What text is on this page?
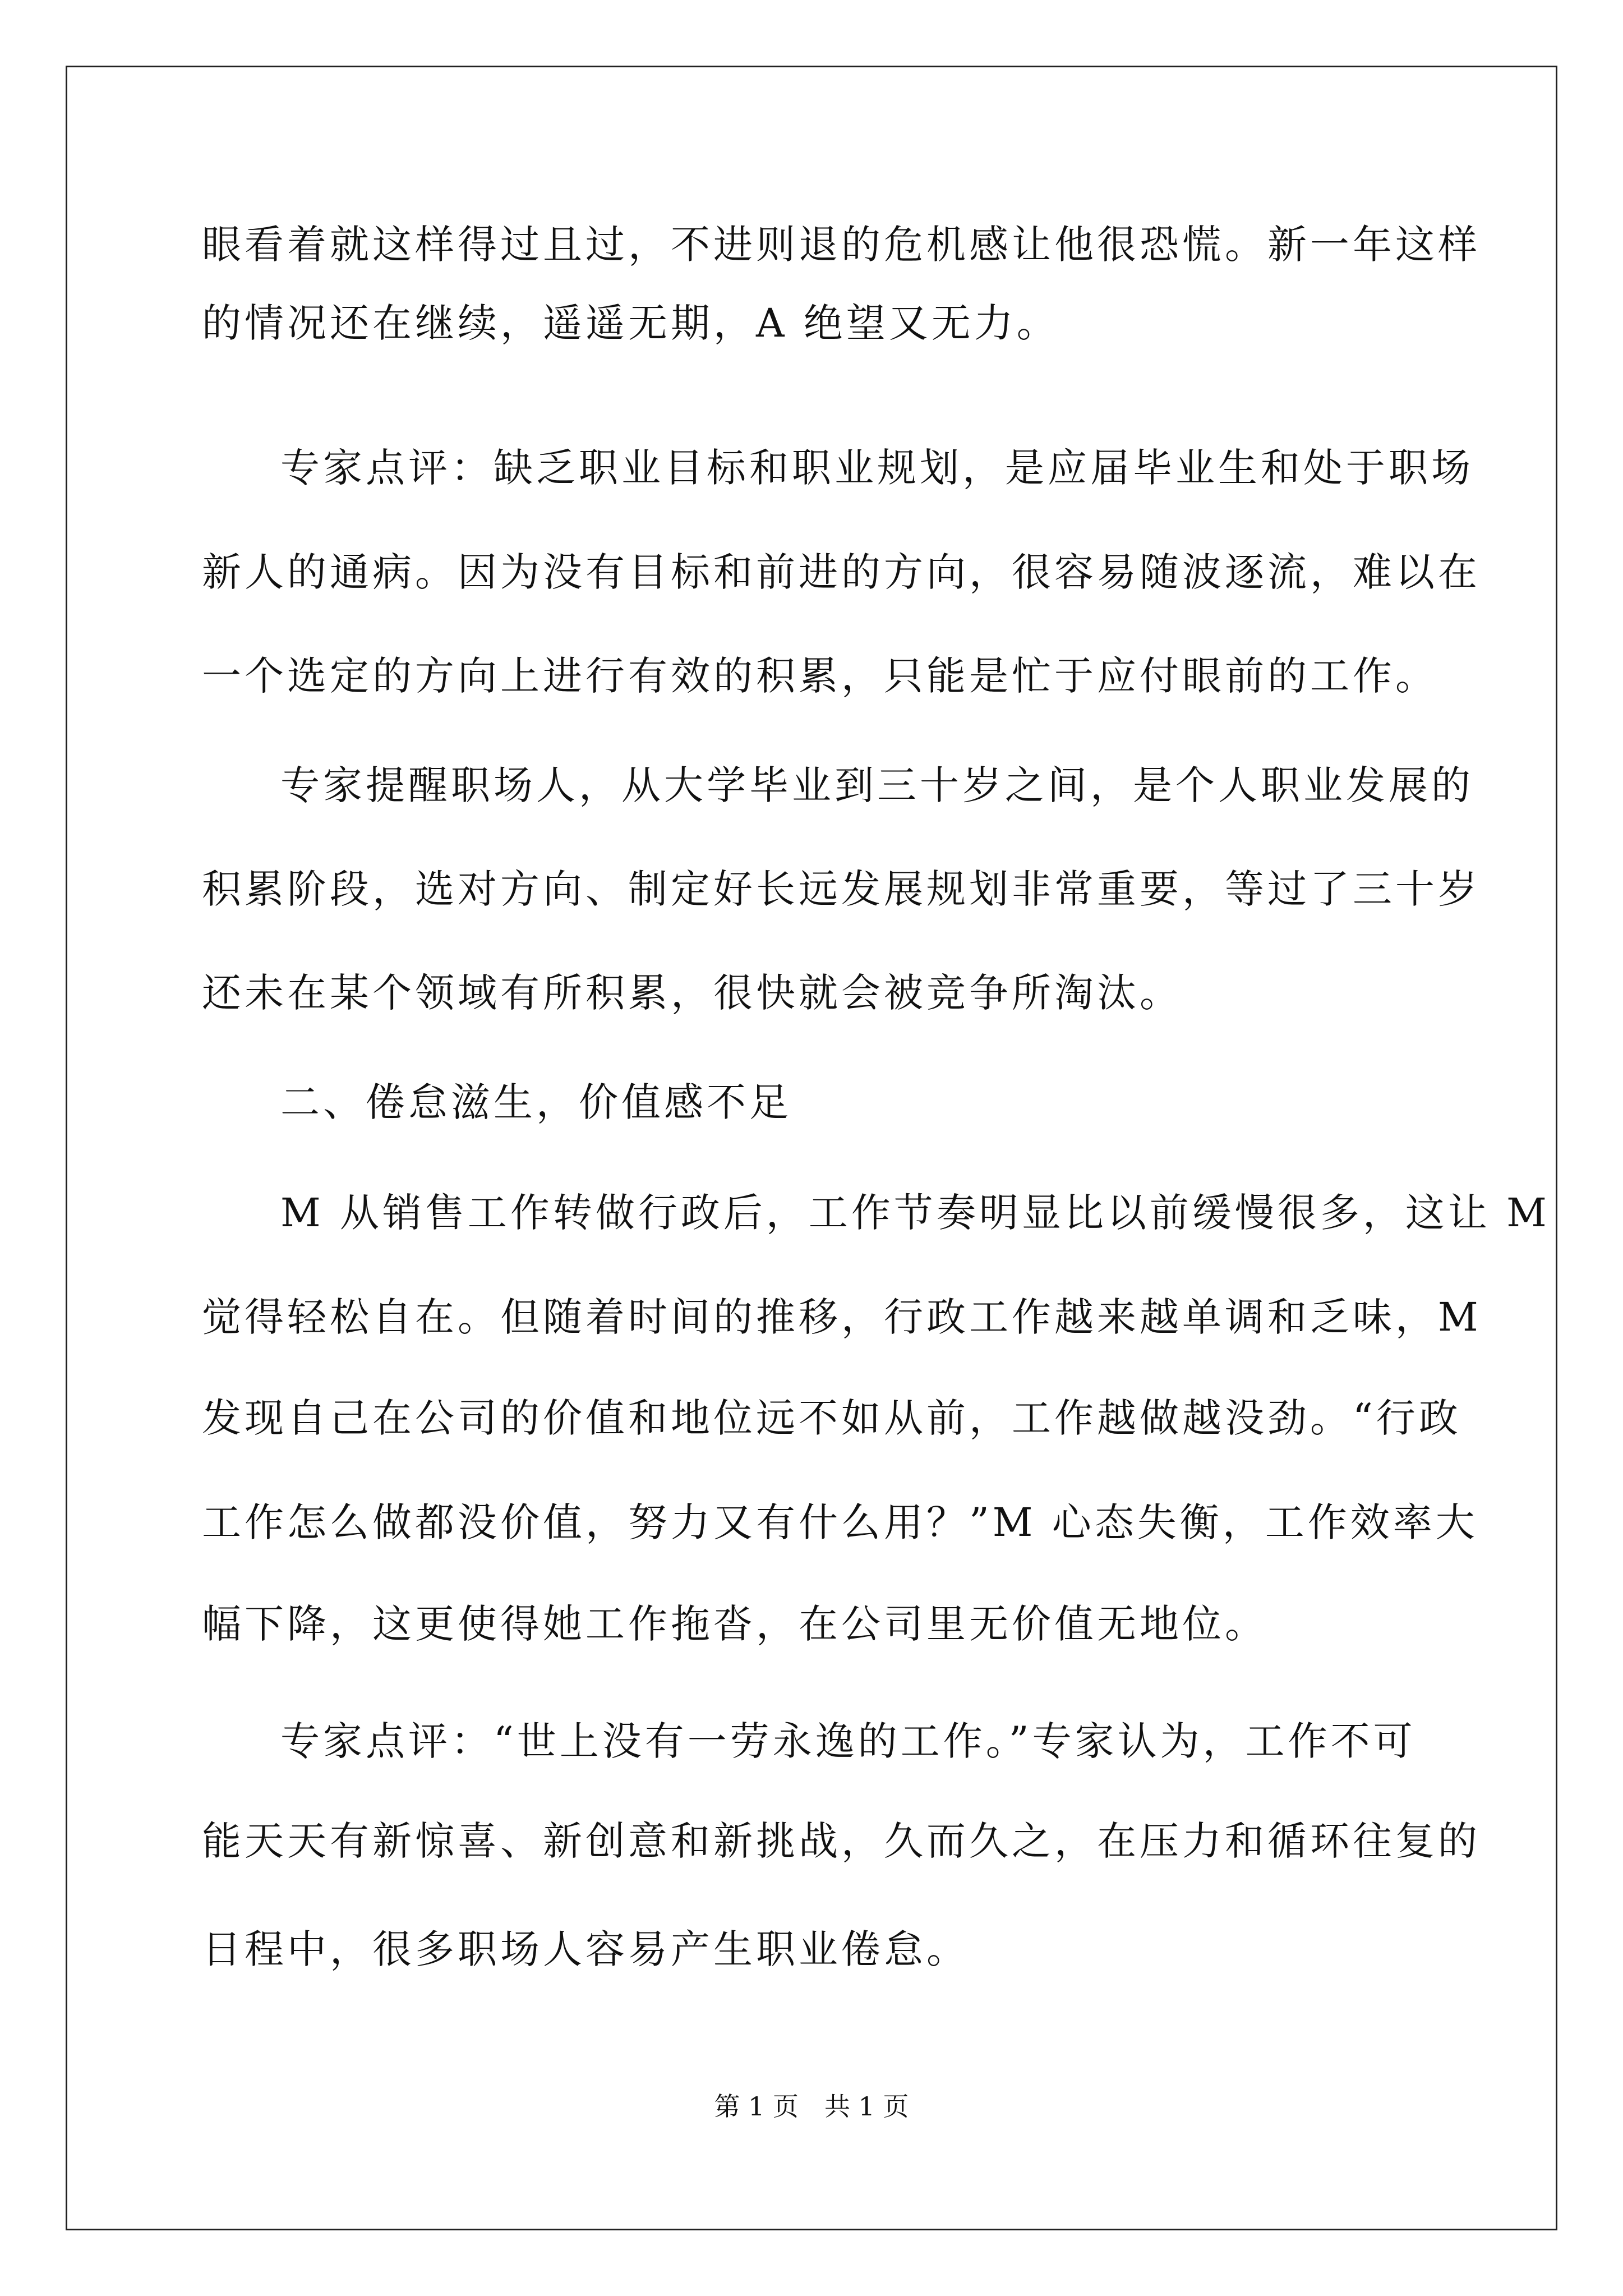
眼看着就这样得过且过，不进则退的危机感让他很恐慌。新一年这样
的情况还在继续，遥遥无期，A 绝望又无力。
专家点评：缺乏职业目标和职业规划，是应届毕业生和处于职场
新人的通病。因为没有目标和前进的方向，很容易随波逐流，难以在
一个选定的方向上进行有效的积累，只能是忙于应付眼前的工作。
专家提醒职场人，从大学毕业到三十岁之间，是个人职业发展的
积累阶段，选对方向、制定好长远发展规划非常重要，等过了三十岁
还未在某个领域有所积累，很快就会被竞争所淘汰。
二、倦怠滋生，价值感不足
M 从销售工作转做行政后，工作节奏明显比以前缓慢很多，这让 M
觉得轻松自在。但随着时间的推移，行政工作越来越单调和乏味，M
发现自己在公司的价值和地位远不如从前，工作越做越没劲。“行政
工作怎么做都没价值，努力又有什么用？”M 心态失衡，工作效率大
幅下降，这更使得她工作拖沓，在公司里无价值无地位。
专家点评：“世上没有一劳永逸的工作。”专家认为，工作不可
能天天有新惊喜、新创意和新挑战，久而久之，在压力和循环往复的
日程中，很多职场人容易产生职业倦怠。
第 1 页　共 1 页
